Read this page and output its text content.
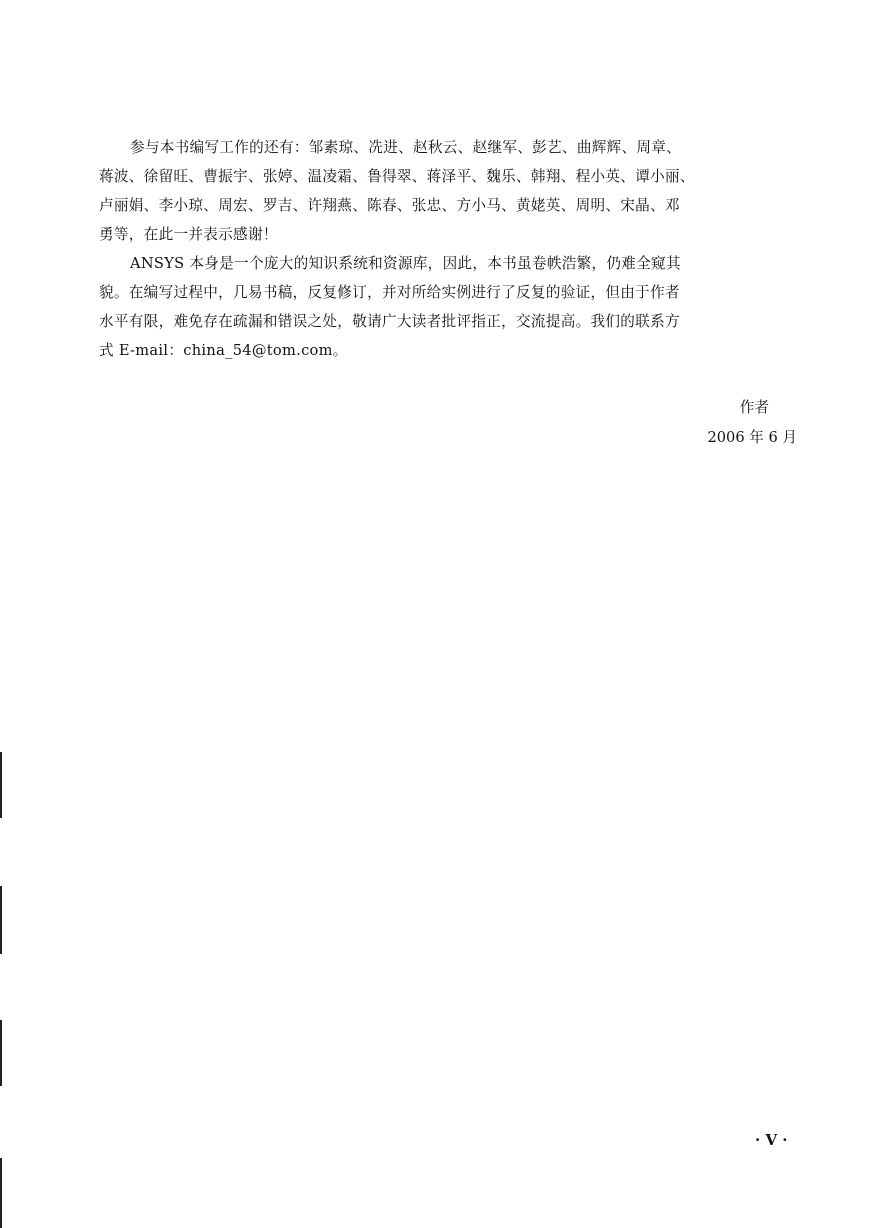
参与本书编写工作的还有：邹素琼、冼进、赵秋云、赵继军、彭艺、曲辉辉、周章、
蒋波、徐留旺、曹振宇、张婷、温凌霜、鲁得翠、蒋泽平、魏乐、韩翔、程小英、谭小丽、
卢丽娟、李小琼、周宏、罗吉、许翔燕、陈春、张忠、方小马、黄姥英、周明、宋晶、邓
勇等，在此一并表示感谢！
ANSYS 本身是一个庞大的知识系统和资源库，因此，本书虽卷帙浩繁，仍难全窥其
貌。在编写过程中，几易书稿，反复修订，并对所给实例进行了反复的验证，但由于作者
水平有限，难免存在疏漏和错误之处，敬请广大读者批评指正，交流提高。我们的联系方
式 E-mail：china_54@tom.com。
作者
2006 年 6 月
· V ·
